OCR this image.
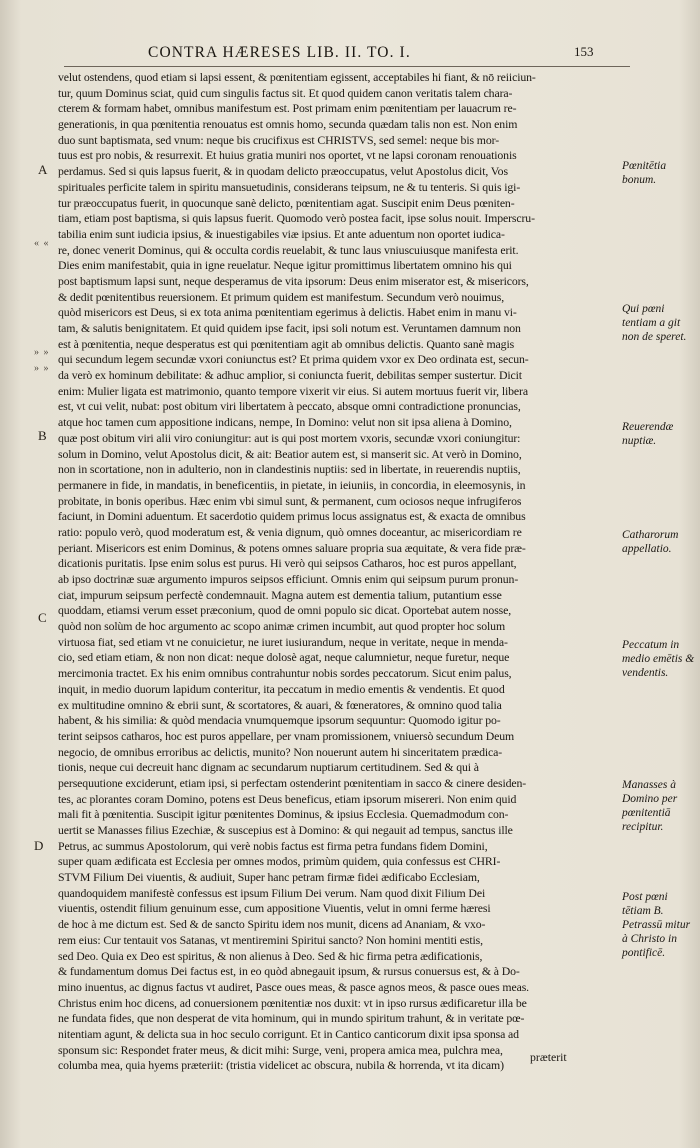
CONTRA HÆRESES LIB. II. TO. I.	153
velut ostendens, quod etiam si lapsi essent, & pœnitentiam egissent, acceptabiles hi fiant, & nō reiiciun-
tur, quum Dominus sciat, quid cum singulis factus sit. Et quod quidem canon veritatis talem chara-
cterem & formam habet, omnibus manifestum est. Post primam enim pœnitentiam per lauacrum re-
generationis, in qua pœnitentia renouatus est omnis homo, secunda quædam talis non est. Non enim
duo sunt baptismata, sed vnum: neque bis crucifixus est CHRISTVS, sed semel: neque bis mor-
tuus est pro nobis, & resurrexit. Et huius gratia muniri nos oportet, vt ne lapsi coronam renouationis
perdamus. Sed si quis lapsus fuerit, & in quodam delicto præoccupatus, velut Apostolus dicit, Vos
spirituales perficite talem in spiritu mansuetudinis, considerans teipsum, ne & tu tenteris. Si quis igi-
tur præoccupatus fuerit, in quocunque sanè delicto, pœnitentiam agat. Suscipit enim Deus pœniten-
tiam, etiam post baptisma, si quis lapsus fuerit. Quomodo verò postea facit, ipse solus nouit. Imperscru-
tabilia enim sunt iudicia ipsius, & inuestigabiles viæ ipsius. Et ante aduentum non oportet iudica-
re, donec venerit Dominus, qui & occulta cordis reuelabit, & tunc laus vniuscuiusque manifesta erit.
Dies enim manifestabit, quia in igne reuelatur. Neque igitur promittimus libertatem omnino his qui
post baptismum lapsi sunt, neque desperamus de vita ipsorum: Deus enim miserator est, & misericors,
& dedit pœnitentibus reuersionem. Et primum quidem est manifestum. Secundum verò nouimus,
quòd misericors est Deus, si ex tota anima pœnitentiam egerimus à delictis. Habet enim in manu vi-
tam, & salutis benignitatem. Et quid quidem ipse facit, ipsi soli notum est. Veruntamen damnum non
est à pœnitentia, neque desperatus est qui pœnitentiam agit ab omnibus delictis. Quanto sanè magis
qui secundum legem secundæ vxori coniunctus est? Et prima quidem vxor ex Deo ordinata est, secun-
da verò ex hominum debilitate: & adhuc amplior, si coniuncta fuerit, debilitas semper sustertur. Dicit
enim: Mulier ligata est matrimonio, quanto tempore vixerit vir eius. Si autem mortuus fuerit vir, libera
est, vt cui velit, nubat: post obitum viri libertatem à peccato, absque omni contradictione pronuncias,
atque hoc tamen cum appositione indicans, nempe, In Domino: velut non sit ipsa aliena à Domino,
quæ post obitum viri alii viro coniungitur: aut is qui post mortem vxoris, secundæ vxori coniungitur:
solum in Domino, velut Apostolus dicit, & ait: Beatior autem est, si manserit sic. At verò in Domino,
non in scortatione, non in adulterio, non in clandestinis nuptiis: sed in libertate, in reuerendis nuptiis,
permanere in fide, in mandatis, in beneficentiis, in pietate, in ieiuniis, in concordia, in eleemosynis, in
probitate, in bonis operibus. Hæc enim vbi simul sunt, & permanent, cum ociosos neque infrugiferos
faciunt, in Domini aduentum. Et sacerdotio quidem primus locus assignatus est, & exacta de omnibus
ratio: populo verò, quod moderatum est, & venia dignum, quò omnes doceantur, ac misericordiam re
periant. Misericors est enim Dominus, & potens omnes saluare propria sua æquitate, & vera fide præ-
dicationis puritatis. Ipse enim solus est purus. Hi verò qui seipsos Catharos, hoc est puros appellant,
ab ipso doctrinæ suæ argumento impuros seipsos efficiunt. Omnis enim qui seipsum purum pronun-
ciat, impurum seipsum perfectè condemnauit. Magna autem est dementia talium, putantium esse
quoddam, etiamsi verum esset præconium, quod de omni populo sic dicat. Oportebat autem nosse,
quòd non solùm de hoc argumento ac scopo animæ crimen incumbit, aut quod propter hoc solum
virtuosa fiat, sed etiam vt ne conuicietur, ne iuret iusiurandum, neque in veritate, neque in menda-
cio, sed etiam etiam, & non non dicat: neque dolosè agat, neque calumnietur, neque furetur, neque
mercimonia tractet. Ex his enim omnibus contrahuntur nobis sordes peccatorum. Sicut enim palus,
inquit, in medio duorum lapidum conteritur, ita peccatum in medio ementis & vendentis. Et quod
ex multitudine omnino & ebrii sunt, & scortatores, & auari, & fœneratores, & omnino quod talia
habent, & his similia: & quòd mendacia vnumquemque ipsorum sequuntur: Quomodo igitur po-
terint seipsos catharos, hoc est puros appellare, per vnam promissionem, vniuersò secundum Deum
negocio, de omnibus erroribus ac delictis, munito? Non nouerunt autem hi sinceritatem prædica-
tionis, neque cui decreuit hanc dignam ac secundarum nuptiarum certitudinem. Sed & qui à
persequutione exciderunt, etiam ipsi, si perfectam ostenderint pœnitentiam in sacco & cinere desiden-
tes, ac plorantes coram Domino, potens est Deus beneficus, etiam ipsorum misereri. Non enim quid
mali fit à pœnitentia. Suscipit igitur pœnitentes Dominus, & ipsius Ecclesia. Quemadmodum con-
uertit se Manasses filius Ezechiæ, & suscepius est à Domino: & qui negauit ad tempus, sanctus ille
Petrus, ac summus Apostolorum, qui verè nobis factus est firma petra fundans fidem Domini,
super quam ædificata est Ecclesia per omnes modos, primùm quidem, quia confessus est CHRI-
STVM Filium Dei viuentis, & audiuit, Super hanc petram firmæ fidei ædificabo Ecclesiam,
quandoquidem manifestè confessus est ipsum Filium Dei verum. Nam quod dixit Filium Dei
viuentis, ostendit filium genuinum esse, cum appositione Viuentis, velut in omni ferme hæresi
de hoc à me dictum est. Sed & de sancto Spiritu idem nos munit, dicens ad Ananiam, & vxo-
rem eius: Cur tentauit vos Satanas, vt mentiremini Spiritui sancto? Non homini mentiti estis,
sed Deo. Quia ex Deo est spiritus, & non alienus à Deo. Sed & hic firma petra ædificationis,
& fundamentum domus Dei factus est, in eo quòd abnegauit ipsum, & rursus conuersus est, & à Do-
mino inuentus, ac dignus factus vt audiret, Pasce oues meas, & pasce agnos meos, & pasce oues meas.
Christus enim hoc dicens, ad conuersionem pœnitentiæ nos duxit: vt in ipso rursus ædificaretur illa be
ne fundata fides, que non desperat de vita hominum, qui in mundo spiritum trahunt, & in veritate pœ-
nitentiam agunt, & delicta sua in hoc seculo corrigunt. Et in Cantico canticorum dixit ipsa sponsa ad
sponsum sic: Respondet frater meus, & dicit mihi: Surge, veni, propera amica mea, pulchra mea,
columba mea, quia hyems præteriit: (tristia videlicet ac obscura, nubila & horrenda, vt ita dicam)
A
B
C
D
« «
» »
» »
Pœnitētia bonum.
Qui pœni tentiam a git non de speret.
Reuerendæ nuptiæ.
Catharorum appellatio.
Peccatum in medio emētis & vendentis.
Manasses à Domino per pœnitentiā recipitur.
Post pœni tētiam B. Petrassū mitur à Christo in pontificē.
præterit
